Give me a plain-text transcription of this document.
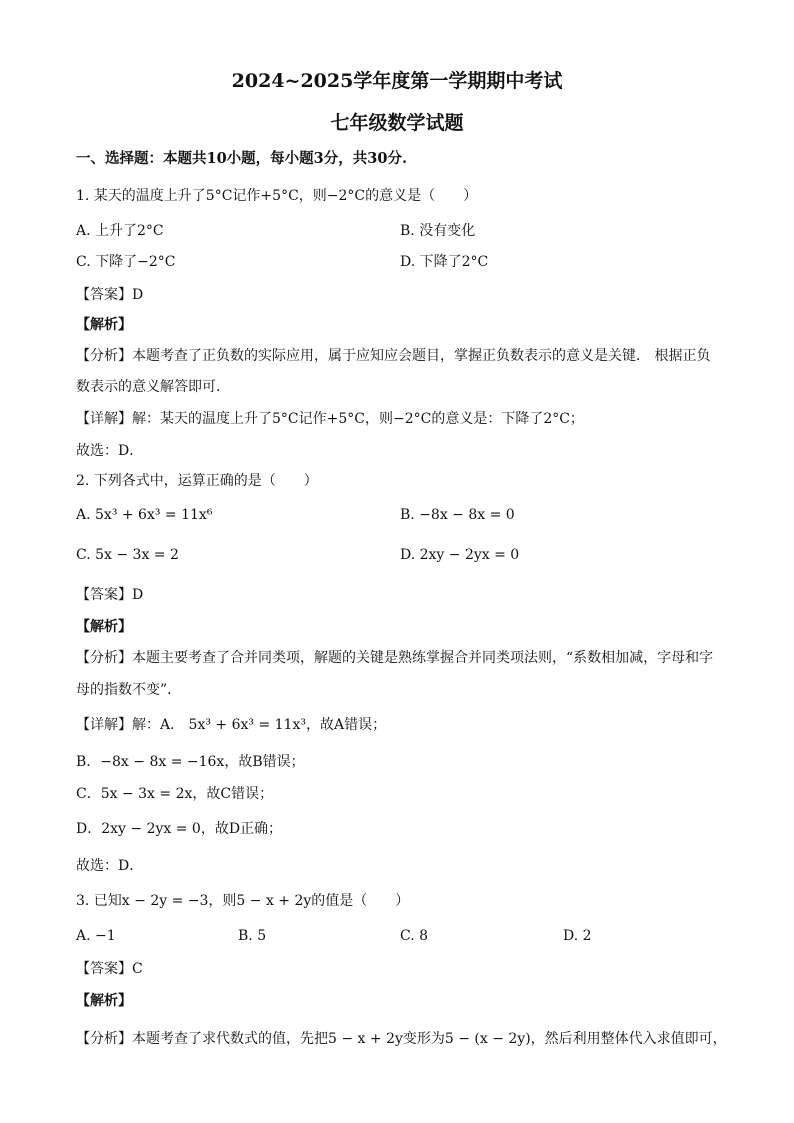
2024~2025学年度第一学期期中考试
七年级数学试题
一、选择题：本题共10小题，每小题3分，共30分.
1. 某天的温度上升了5°C记作+5°C，则−2°C的意义是（　　）
A. 上升了2°C	B. 没有变化
C. 下降了−2°C	D. 下降了2°C
【答案】D
【解析】
【分析】本题考查了正负数的实际应用，属于应知应会题目，掌握正负数表示的意义是关键． 根据正负
数表示的意义解答即可．
【详解】解：某天的温度上升了5°C记作+5°C，则−2°C的意义是：下降了2°C；
故选：D．
2. 下列各式中，运算正确的是（　　）
A. 5x³ + 6x³ = 11x⁶	B. −8x − 8x = 0
C. 5x − 3x = 2	D. 2xy − 2yx = 0
【答案】D
【解析】
【分析】本题主要考查了合并同类项，解题的关键是熟练掌握合并同类项法则，“系数相加减，字母和字
母的指数不变”．
【详解】解：A． 5x³ + 6x³ = 11x³，故A错误；
B．−8x − 8x = −16x，故B错误；
C．5x − 3x = 2x，故C错误；
D．2xy − 2yx = 0，故D正确；
故选：D．
3. 已知x − 2y = −3，则5 − x + 2y的值是（　　）
A. −1	B. 5	C. 8	D. 2
【答案】C
【解析】
【分析】本题考查了求代数式的值，先把5 − x + 2y变形为5 − (x − 2y)，然后利用整体代入求值即可，
